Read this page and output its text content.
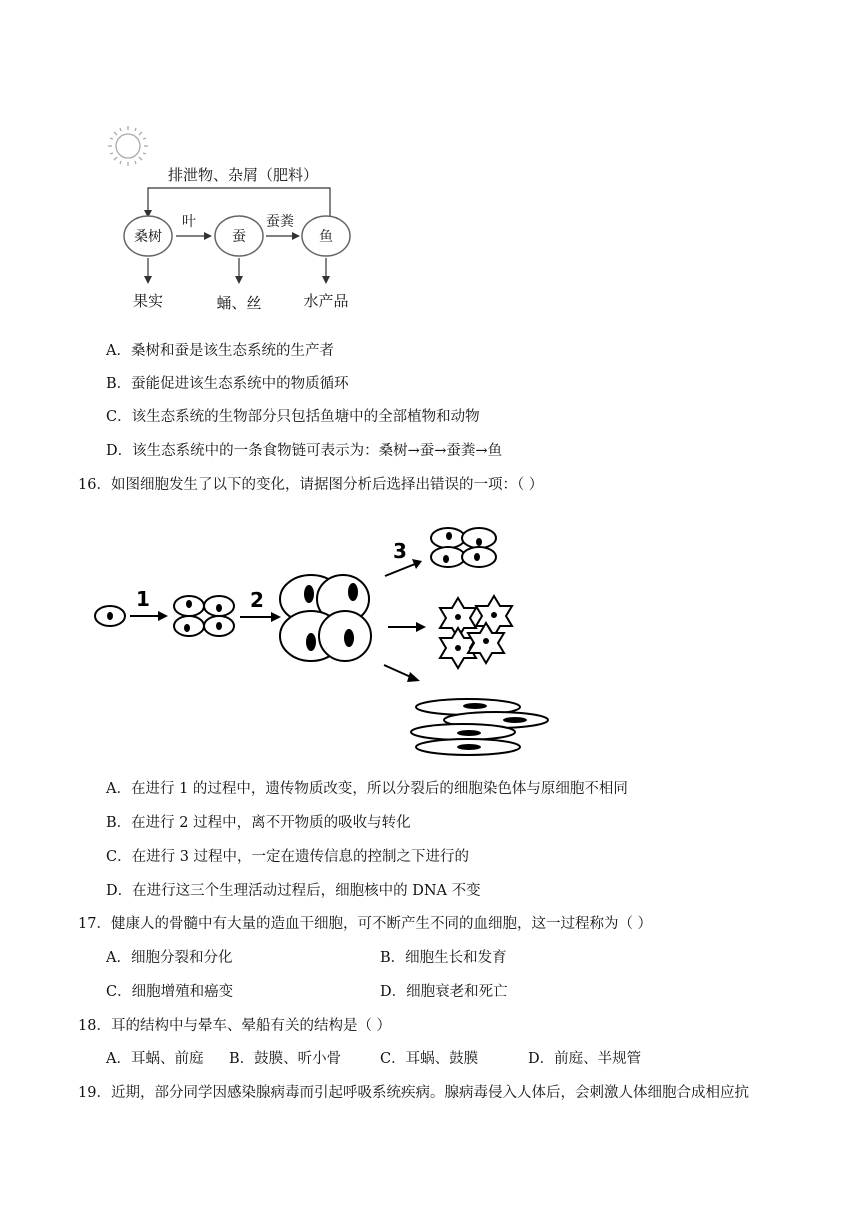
排泄物、杂屑（肥料）
桑树	蚕	鱼
叶	蚕粪
果实	蛹、丝	水产品
A．桑树和蚕是该生态系统的生产者
B．蚕能促进该生态系统中的物质循环
C．该生态系统的生物部分只包括鱼塘中的全部植物和动物
D．该生态系统中的一条食物链可表示为：桑树→蚕→蚕粪→鱼
16．如图细胞发生了以下的变化，请据图分析后选择出错误的一项：（ ）
1	2
3
A．在进行 1 的过程中，遗传物质改变，所以分裂后的细胞染色体与原细胞不相同
B．在进行 2 过程中，离不开物质的吸收与转化
C．在进行 3 过程中，一定在遗传信息的控制之下进行的
D．在进行这三个生理活动过程后，细胞核中的 DNA 不变
17．健康人的骨髓中有大量的造血干细胞，可不断产生不同的血细胞，这一过程称为（ ）
A．细胞分裂和分化	B．细胞生长和发育
C．细胞增殖和癌变	D．细胞衰老和死亡
18．耳的结构中与晕车、晕船有关的结构是（ ）
A．耳蜗、前庭 B．鼓膜、听小骨	C．耳蜗、鼓膜	D．前庭、半规管
19．近期，部分同学因感染腺病毒而引起呼吸系统疾病。腺病毒侵入人体后，会刺激人体细胞合成相应抗
